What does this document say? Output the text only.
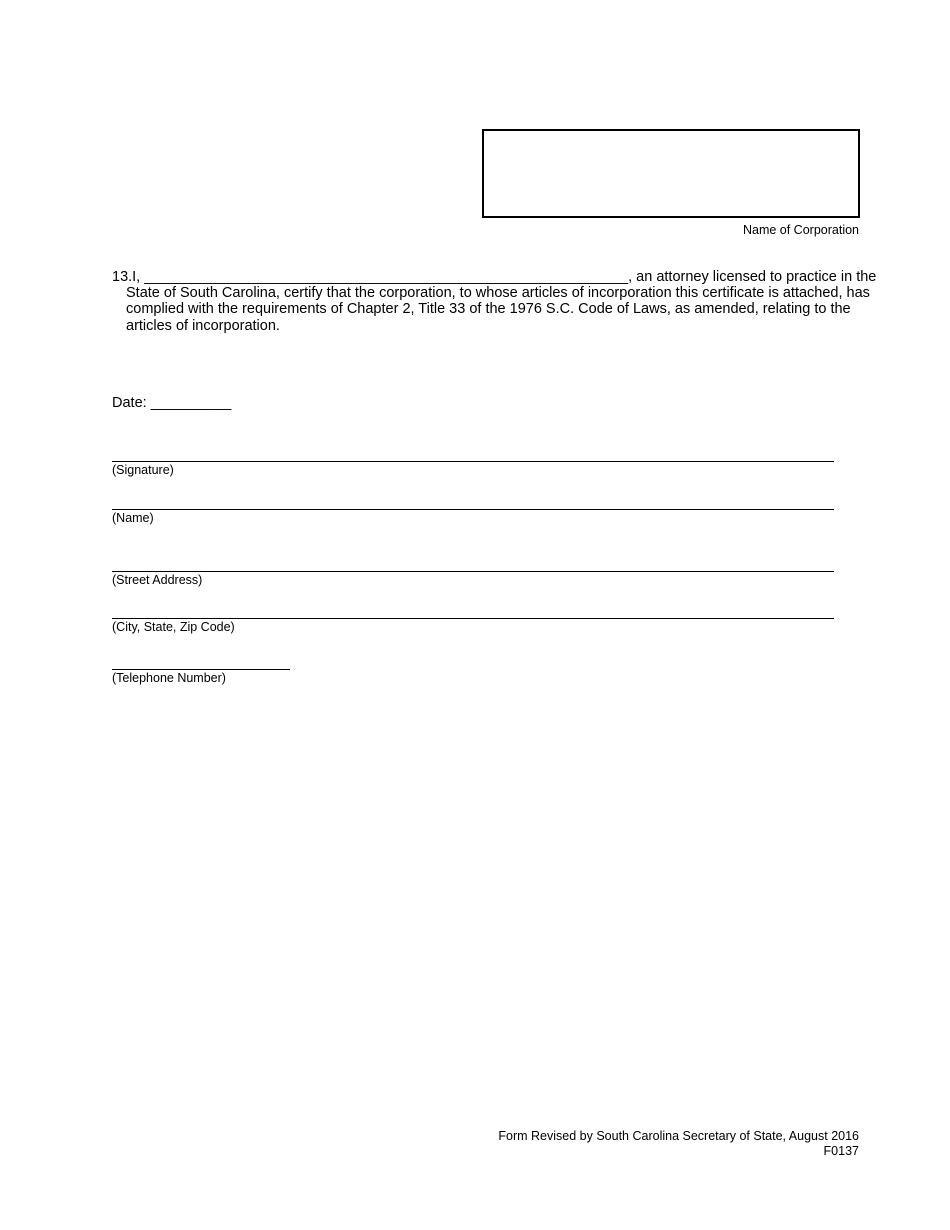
Name of Corporation
13.I, ____________________________________________________________, an attorney licensed to practice in the
State of South Carolina, certify that the corporation, to whose articles of incorporation this certificate is attached, has
complied with the requirements of Chapter 2, Title 33 of the 1976 S.C. Code of Laws, as amended, relating to the
articles of incorporation.
Date: __________
(Signature)
(Name)
(Street Address)
(City, State, Zip Code)
(Telephone Number)
Form Revised by South Carolina Secretary of State, August 2016
F0137
